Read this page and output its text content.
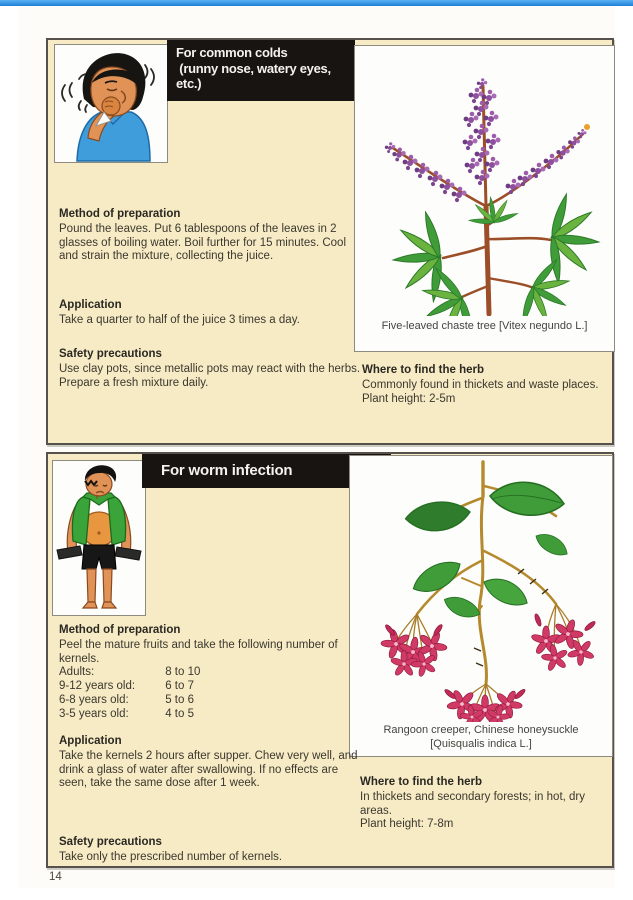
For common colds
(runny nose, watery eyes,
etc.)
Five-leaved chaste tree [Vitex negundo L.]
Method of preparation
Pound the leaves. Put 6 tablespoons of the leaves in 2 glasses of boiling water. Boil further for 15 minutes. Cool and strain the mixture, collecting the juice.
Application
Take a quarter to half of the juice 3 times a day.
Safety precautions
Use clay pots, since metallic pots may react with the herbs. Prepare a fresh mixture daily.
Where to find the herb
Commonly found in thickets and waste places.
Plant height: 2-5m
For worm infection
Rangoon creeper, Chinese honeysuckle
[Quisqualis indica L.]
Method of preparation
Peel the mature fruits and take the following number of kernels.
Adults:	8 to 10
9-12 years old:	6 to 7
6-8 years old:	5 to 6
3-5 years old:	4 to 5
Application
Take the kernels 2 hours after supper. Chew very well, and drink a glass of water after swallowing. If no effects are seen, take the same dose after 1 week.
Safety precautions
Take only the prescribed number of kernels.
Where to find the herb
In thickets and secondary forests; in hot, dry areas.
Plant height: 7-8m
14
